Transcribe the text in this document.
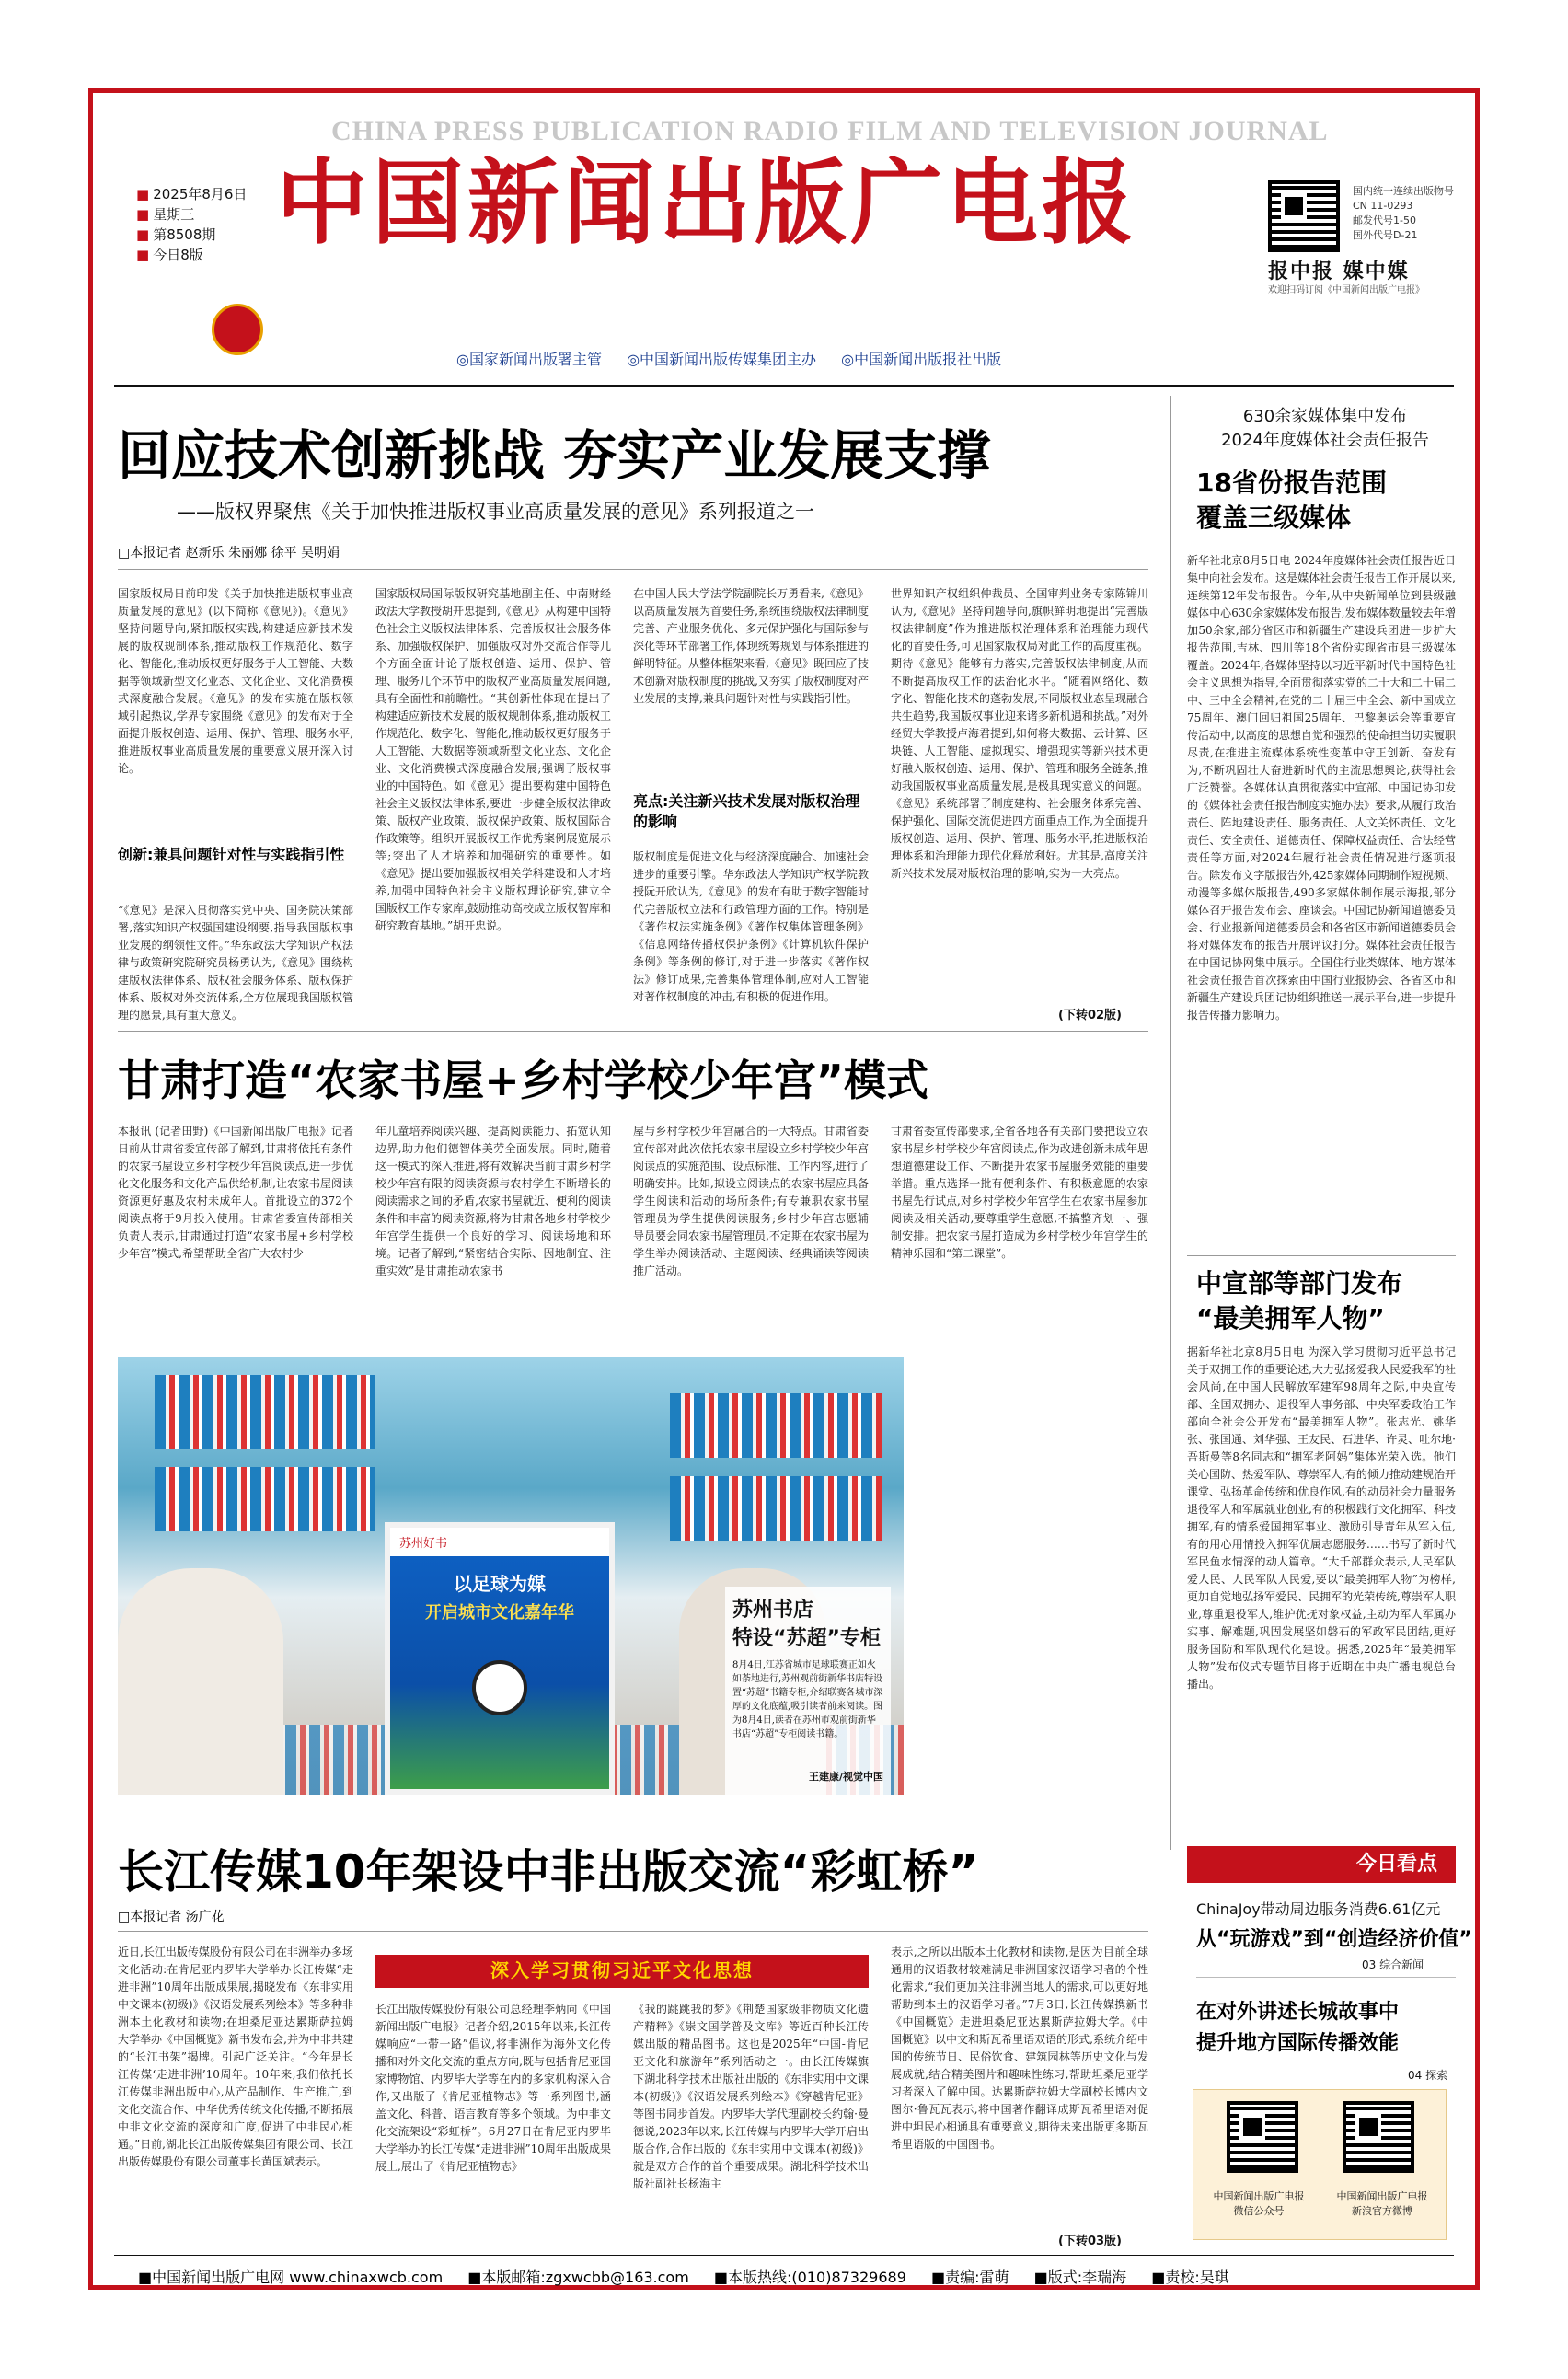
CHINA PRESS PUBLICATION RADIO FILM AND TELEVISION JOURNAL
■ 2025年8月6日
■ 星期三
■ 第8508期
■ 今日8版 中国新闻出版广电报	国内统一连续出版物号
CN 11-0293
邮发代号1-50
国外代号D-21
报中报 媒中媒
欢迎扫码订阅《中国新闻出版广电报》
◎国家新闻出版署主管 ◎中国新闻出版传媒集团主办 ◎中国新闻出版报社出版
回应技术创新挑战 夯实产业发展支撑
——版权界聚焦《关于加快推进版权事业高质量发展的意见》系列报道之一
□本报记者 赵新乐 朱丽娜 徐平 吴明娟
国家版权局日前印发《关于加快推进版权事业高质量发展的意见》(以下简称《意见》)。《意见》坚持问题导向,紧扣版权实践,构建适应新技术发展的版权规制体系,推动版权工作规范化、数字化、智能化,推动版权更好服务于人工智能、大数据等领域新型文化业态、文化企业、文化消费模式深度融合发展。《意见》的发布实施在版权领域引起热议,学界专家围绕《意见》的发布对于全面提升版权创造、运用、保护、管理、服务水平,推进版权事业高质量发展的重要意义展开深入讨论。
创新:兼具问题针对性与实践指引性
“《意见》是深入贯彻落实党中央、国务院决策部署,落实知识产权强国建设纲要,指导我国版权事业发展的纲领性文件。”华东政法大学知识产权法律与政策研究院研究员杨勇认为,《意见》围绕构建版权法律体系、版权社会服务体系、版权保护体系、版权对外交流体系,全方位展现我国版权管理的愿景,具有重大意义。
国家版权局国际版权研究基地副主任、中南财经政法大学教授胡开忠提到,《意见》从构建中国特色社会主义版权法律体系、完善版权社会服务体系、加强版权保护、加强版权对外交流合作等几个方面全面计论了版权创造、运用、保护、管理、服务几个环节中的版权产业高质量发展问题,具有全面性和前瞻性。“其创新性体现在提出了构建适应新技术发展的版权规制体系,推动版权工作规范化、数字化、智能化,推动版权更好服务于人工智能、大数据等领域新型文化业态、文化企业、文化消费模式深度融合发展;强调了版权事业的中国特色。如《意见》提出要构建中国特色社会主义版权法律体系,要进一步健全版权法律政策、版权产业政策、版权保护政策、版权国际合作政策等。组织开展版权工作优秀案例展览展示等;突出了人才培养和加强研究的重要性。如《意见》提出要加强版权相关学科建设和人才培养,加强中国特色社会主义版权理论研究,建立全国版权工作专家库,鼓励推动高校成立版权智库和研究教育基地。”胡开忠说。
在中国人民大学法学院副院长万勇看来,《意见》以高质量发展为首要任务,系统围绕版权法律制度完善、产业服务优化、多元保护强化与国际参与深化等环节部署工作,体现统筹规划与体系推进的鲜明特征。从整体框架来看,《意见》既回应了技术创新对版权制度的挑战,又夯实了版权制度对产业发展的支撑,兼具问题针对性与实践指引性。
亮点:关注新兴技术发展对版权治理的影响
版权制度是促进文化与经济深度融合、加速社会进步的重要引擎。华东政法大学知识产权学院教授阮开欣认为,《意见》的发布有助于数字智能时代完善版权立法和行政管理方面的工作。特别是《著作权法实施条例》《著作权集体管理条例》《信息网络传播权保护条例》《计算机软件保护条例》等条例的修订,对于进一步落实《著作权法》修订成果,完善集体管理体制,应对人工智能对著作权制度的冲击,有积极的促进作用。
世界知识产权组织仲裁员、全国审判业务专家陈锦川认为,《意见》坚持问题导向,旗帜鲜明地提出“完善版权法律制度”作为推进版权治理体系和治理能力现代化的首要任务,可见国家版权局对此工作的高度重视。期待《意见》能够有力落实,完善版权法律制度,从而不断提高版权工作的法治化水平。“随着网络化、数字化、智能化技术的蓬勃发展,不同版权业态呈现融合共生趋势,我国版权事业迎来诸多新机遇和挑战。”对外经贸大学教授卢海君提到,如何将大数据、云计算、区块链、人工智能、虚拟现实、增强现实等新兴技术更好融入版权创造、运用、保护、管理和服务全链条,推动我国版权事业高质量发展,是极具现实意义的问题。《意见》系统部署了制度建构、社会服务体系完善、保护强化、国际交流促进四方面重点工作,为全面提升版权创造、运用、保护、管理、服务水平,推进版权治理体系和治理能力现代化释放利好。尤其是,高度关注新兴技术发展对版权治理的影响,实为一大亮点。
(下转02版)
甘肃打造“农家书屋+乡村学校少年宫”模式
本报讯 (记者田野)《中国新闻出版广电报》记者日前从甘肃省委宣传部了解到,甘肃将依托有条件的农家书屋设立乡村学校少年宫阅读点,进一步优化文化服务和文化产品供给机制,让农家书屋阅读资源更好惠及农村未成年人。首批设立的372个阅读点将于9月投入使用。甘肃省委宣传部相关负责人表示,甘肃通过打造“农家书屋+乡村学校少年宫”模式,希望帮助全省广大农村少
年儿童培养阅读兴趣、提高阅读能力、拓宽认知边界,助力他们德智体美劳全面发展。同时,随着这一模式的深入推进,将有效解决当前甘肃乡村学校少年宫有限的阅读资源与农村学生不断增长的阅读需求之间的矛盾,农家书屋就近、便利的阅读条件和丰富的阅读资源,将为甘肃各地乡村学校少年宫学生提供一个良好的学习、阅读场地和环境。记者了解到,“紧密结合实际、因地制宜、注重实效”是甘肃推动农家书
屋与乡村学校少年宫融合的一大特点。甘肃省委宣传部对此次依托农家书屋设立乡村学校少年宫阅读点的实施范围、设点标准、工作内容,进行了明确安排。比如,拟设立阅读点的农家书屋应具备学生阅读和活动的场所条件;有专兼职农家书屋管理员为学生提供阅读服务;乡村少年宫志愿辅导员要会同农家书屋管理员,不定期在农家书屋为学生举办阅读活动、主题阅读、经典诵读等阅读推广活动。
甘肃省委宣传部要求,全省各地各有关部门要把设立农家书屋乡村学校少年宫阅读点,作为改进创新未成年思想道德建设工作、不断提升农家书屋服务效能的重要举措。重点选择一批有便利条件、有积极意愿的农家书屋先行试点,对乡村学校少年宫学生在农家书屋参加阅读及相关活动,要尊重学生意愿,不搞整齐划一、强制安排。把农家书屋打造成为乡村学校少年宫学生的精神乐园和“第二课堂”。
苏州好书
以足球为媒
开启城市文化嘉年华	苏州书店
特设“苏超”专柜
8月4日,江苏省城市足球联赛正如火如荼地进行,苏州观前街新华书店特设置“苏超”书籍专柜,介绍联赛各城市深厚的文化底蕴,吸引读者前来阅读。图为8月4日,读者在苏州市观前街新华书店“苏超”专柜阅读书籍。
王建康/视觉中国
长江传媒10年架设中非出版交流“彩虹桥”
□本报记者 汤广花
深入学习贯彻习近平文化思想
近日,长江出版传媒股份有限公司在非洲举办多场文化活动:在肯尼亚内罗毕大学举办长江传媒“走进非洲”10周年出版成果展,揭晓发布《东非实用中文课本(初级)》《汉语发展系列绘本》等多种非洲本土化教材和读物;在坦桑尼亚达累斯萨拉姆大学举办《中国概览》新书发布会,并为中非共建的“长江书架”揭牌。引起广泛关注。“今年是长江传媒‘走进非洲’10周年。10年来,我们依托长江传媒非洲出版中心,从产品制作、生产推广,到文化交流合作、中华优秀传统文化传播,不断拓展中非文化交流的深度和广度,促进了中非民心相通。”日前,湖北长江出版传媒集团有限公司、长江出版传媒股份有限公司董事长黄国斌表示。
长江出版传媒股份有限公司总经理李炳向《中国新闻出版广电报》记者介绍,2015年以来,长江传媒响应“一带一路”倡议,将非洲作为海外文化传播和对外文化交流的重点方向,既与包括肯尼亚国家博物馆、内罗毕大学等在内的多家机构深入合作,又出版了《肯尼亚植物志》等一系列图书,涵盖文化、科普、语言教育等多个领域。为中非文化交流架设“彩虹桥”。6月27日在肯尼亚内罗毕大学举办的长江传媒“走进非洲”10周年出版成果展上,展出了《肯尼亚植物志》
《我的跳跳我的梦》《荆楚国家级非物质文化遗产精粹》《崇文国学普及文库》等近百种长江传媒出版的精品图书。这也是2025年“中国-肯尼亚文化和旅游年”系列活动之一。由长江传媒旗下湖北科学技术出版社出版的《东非实用中文课本(初级)》《汉语发展系列绘本》《穿越肯尼亚》等图书同步首发。内罗毕大学代理副校长约翰·曼德说,2023年以来,长江传媒与内罗毕大学开启出版合作,合作出版的《东非实用中文课本(初级)》就是双方合作的首个重要成果。湖北科学技术出版社副社长杨海主
表示,之所以出版本土化教材和读物,是因为目前全球通用的汉语教材较难满足非洲国家汉语学习者的个性化需求,“我们更加关注非洲当地人的需求,可以更好地帮助到本土的汉语学习者。”7月3日,长江传媒携新书《中国概览》走进坦桑尼亚达累斯萨拉姆大学。《中国概览》以中文和斯瓦希里语双语的形式,系统介绍中国的传统节日、民俗饮食、建筑园林等历史文化与发展成就,结合精美图片和趣味性练习,帮助坦桑尼亚学习者深入了解中国。达累斯萨拉姆大学副校长博内文图尔·鲁瓦瓦表示,将中国著作翻译成斯瓦希里语对促进中坦民心相通具有重要意义,期待未来出版更多斯瓦希里语版的中国图书。
(下转03版)
630余家媒体集中发布
2024年度媒体社会责任报告
18省份报告范围
覆盖三级媒体
新华社北京8月5日电 2024年度媒体社会责任报告近日集中向社会发布。这是媒体社会责任报告工作开展以来,连续第12年发布报告。今年,从中央新闻单位到县级融媒体中心630余家媒体发布报告,发布媒体数量较去年增加50余家,部分省区市和新疆生产建设兵团进一步扩大报告范围,吉林、四川等18个省份实现省市县三级媒体覆盖。2024年,各媒体坚持以习近平新时代中国特色社会主义思想为指导,全面贯彻落实党的二十大和二十届二中、三中全会精神,在党的二十届三中全会、新中国成立75周年、澳门回归祖国25周年、巴黎奥运会等重要宣传活动中,以高度的思想自觉和强烈的使命担当切实履职尽责,在推进主流媒体系统性变革中守正创新、奋发有为,不断巩固壮大奋进新时代的主流思想舆论,获得社会广泛赞誉。各媒体认真贯彻落实中宣部、中国记协印发的《媒体社会责任报告制度实施办法》要求,从履行政治责任、阵地建设责任、服务责任、人文关怀责任、文化责任、安全责任、道德责任、保障权益责任、合法经营责任等方面,对2024年履行社会责任情况进行逐项报告。除发布文字版报告外,425家媒体同期制作短视频、动漫等多媒体版报告,490多家媒体制作展示海报,部分媒体召开报告发布会、座谈会。中国记协新闻道德委员会、行业报新闻道德委员会和各省区市新闻道德委员会将对媒体发布的报告开展评议打分。媒体社会责任报告在中国记协网集中展示。全国住行业类媒体、地方媒体社会责任报告首次探索由中国行业报协会、各省区市和新疆生产建设兵团记协组织推送一展示平台,进一步提升报告传播力影响力。
中宣部等部门发布
“最美拥军人物”
据新华社北京8月5日电 为深入学习贯彻习近平总书记关于双拥工作的重要论述,大力弘扬爱我人民爱我军的社会风尚,在中国人民解放军建军98周年之际,中央宣传部、全国双拥办、退役军人事务部、中央军委政治工作部向全社会公开发布“最美拥军人物”。张志光、姚华张、张国通、刘华强、王友民、石进华、许灵、吐尔地·吾斯曼等8名同志和“拥军老阿妈”集体光荣入选。他们关心国防、热爱军队、尊崇军人,有的倾力推动建规治开课堂、弘扬革命传统和优良作风,有的动员社会力量服务退役军人和军属就业创业,有的积极践行文化拥军、科技拥军,有的情系爱国拥军事业、激励引导青年从军入伍,有的用心用情投入拥军优属志愿服务……书写了新时代军民鱼水情深的动人篇章。“大千部群众表示,人民军队爱人民、人民军队人民爱,要以“最美拥军人物”为榜样,更加自觉地弘扬军爱民、民拥军的光荣传统,尊崇军人职业,尊重退役军人,维护优抚对象权益,主动为军人军属办实事、解难题,巩固发展坚如磐石的军政军民团结,更好服务国防和军队现代化建设。据悉,2025年“最美拥军人物”发布仪式专题节目将于近期在中央广播电视总台播出。
今日看点
ChinaJoy带动周边服务消费6.61亿元
从“玩游戏”到“创造经济价值”
03 综合新闻
在对外讲述长城故事中
提升地方国际传播效能
04 探索
中国新闻出版广电报
微信公众号
中国新闻出版广电报
新浪官方微博
■中国新闻出版广电网 www.chinaxwcb.com ■本版邮箱:zgxwcbb@163.com ■本版热线:(010)87329689 ■责编:雷萌 ■版式:李瑞海 ■责校:吴琪
